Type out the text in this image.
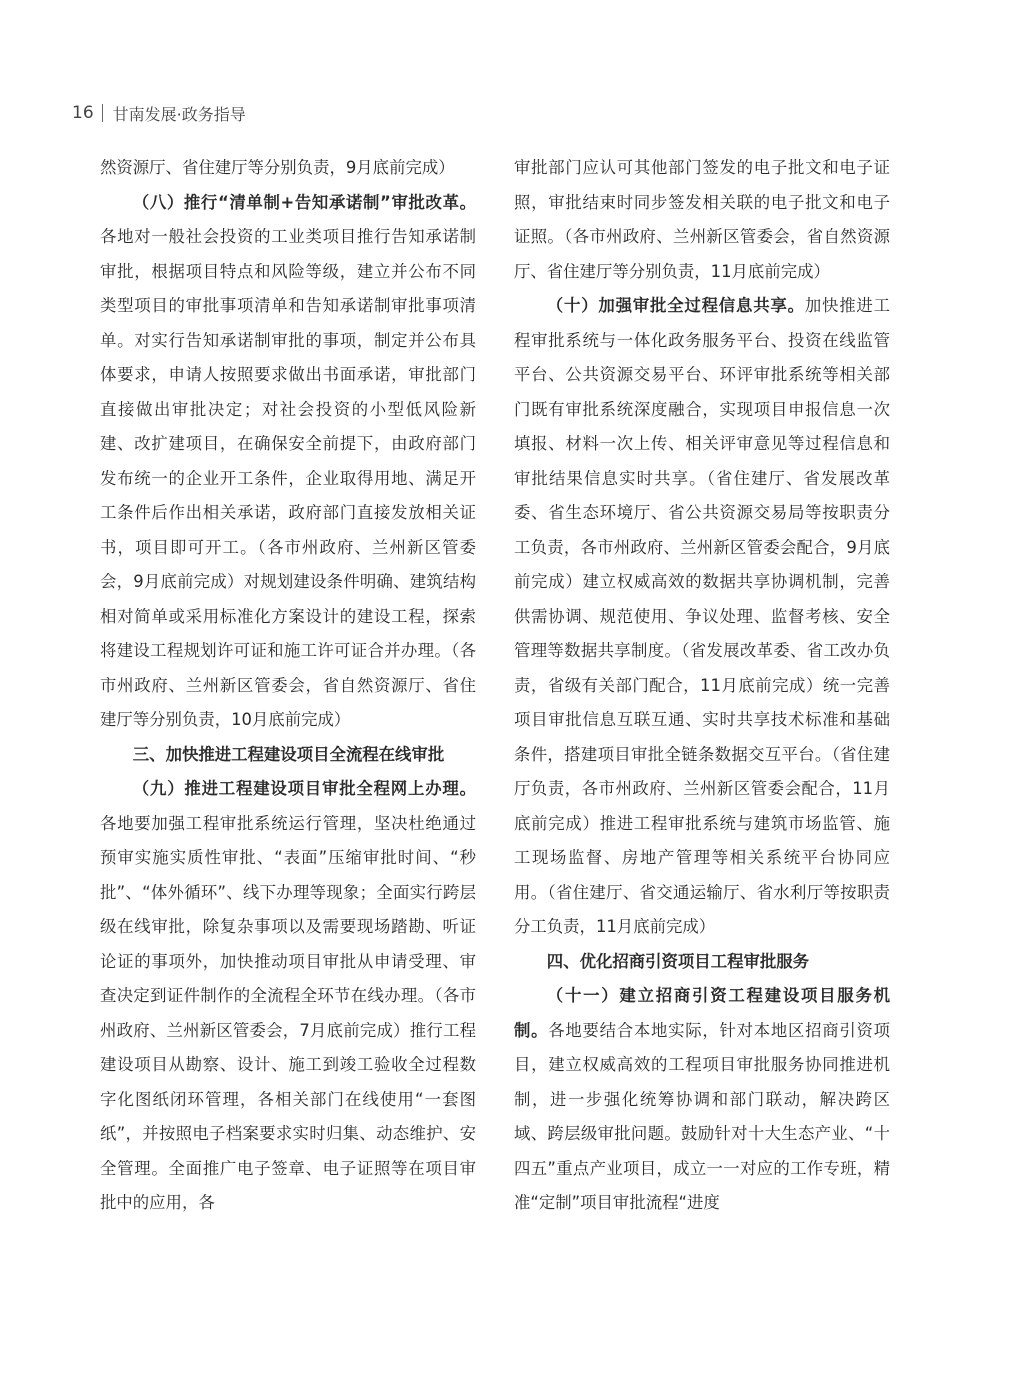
16 甘南发展·政务指导

然资源厅、省住建厅等分别负责，9月底前完成）

（八）推行“清单制+告知承诺制”审批改革。各地对一般社会投资的工业类项目推行告知承诺制审批，根据项目特点和风险等级，建立并公布不同类型项目的审批事项清单和告知承诺制审批事项清单。对实行告知承诺制审批的事项，制定并公布具体要求，申请人按照要求做出书面承诺，审批部门直接做出审批决定；对社会投资的小型低风险新建、改扩建项目，在确保安全前提下，由政府部门发布统一的企业开工条件，企业取得用地、满足开工条件后作出相关承诺，政府部门直接发放相关证书，项目即可开工。（各市州政府、兰州新区管委会，9月底前完成）对规划建设条件明确、建筑结构相对简单或采用标准化方案设计的建设工程，探索将建设工程规划许可证和施工许可证合并办理。（各市州政府、兰州新区管委会，省自然资源厅、省住建厅等分别负责，10月底前完成）

三、加快推进工程建设项目全流程在线审批

（九）推进工程建设项目审批全程网上办理。各地要加强工程审批系统运行管理，坚决杜绝通过预审实施实质性审批、“表面”压缩审批时间、“秒批”、“体外循环”、线下办理等现象；全面实行跨层级在线审批，除复杂事项以及需要现场踏勘、听证论证的事项外，加快推动项目审批从申请受理、审查决定到证件制作的全流程全环节在线办理。（各市州政府、兰州新区管委会，7月底前完成）推行工程建设项目从勘察、设计、施工到竣工验收全过程数字化图纸闭环管理，各相关部门在线使用“一套图纸”，并按照电子档案要求实时归集、动态维护、安全管理。全面推广电子签章、电子证照等在项目审批中的应用，各

审批部门应认可其他部门签发的电子批文和电子证照，审批结束时同步签发相关联的电子批文和电子证照。（各市州政府、兰州新区管委会，省自然资源厅、省住建厅等分别负责，11月底前完成）

（十）加强审批全过程信息共享。加快推进工程审批系统与一体化政务服务平台、投资在线监管平台、公共资源交易平台、环评审批系统等相关部门既有审批系统深度融合，实现项目申报信息一次填报、材料一次上传、相关评审意见等过程信息和审批结果信息实时共享。（省住建厅、省发展改革委、省生态环境厅、省公共资源交易局等按职责分工负责，各市州政府、兰州新区管委会配合，9月底前完成）建立权威高效的数据共享协调机制，完善供需协调、规范使用、争议处理、监督考核、安全管理等数据共享制度。（省发展改革委、省工改办负责，省级有关部门配合，11月底前完成）统一完善项目审批信息互联互通、实时共享技术标准和基础条件，搭建项目审批全链条数据交互平台。（省住建厅负责，各市州政府、兰州新区管委会配合，11月底前完成）推进工程审批系统与建筑市场监管、施工现场监督、房地产管理等相关系统平台协同应用。（省住建厅、省交通运输厅、省水利厅等按职责分工负责，11月底前完成）

四、优化招商引资项目工程审批服务

（十一）建立招商引资工程建设项目服务机制。各地要结合本地实际，针对本地区招商引资项目，建立权威高效的工程项目审批服务协同推进机制，进一步强化统筹协调和部门联动，解决跨区域、跨层级审批问题。鼓励针对十大生态产业、“十四五”重点产业项目，成立一一对应的工作专班，精准“定制”项目审批流程“进度
